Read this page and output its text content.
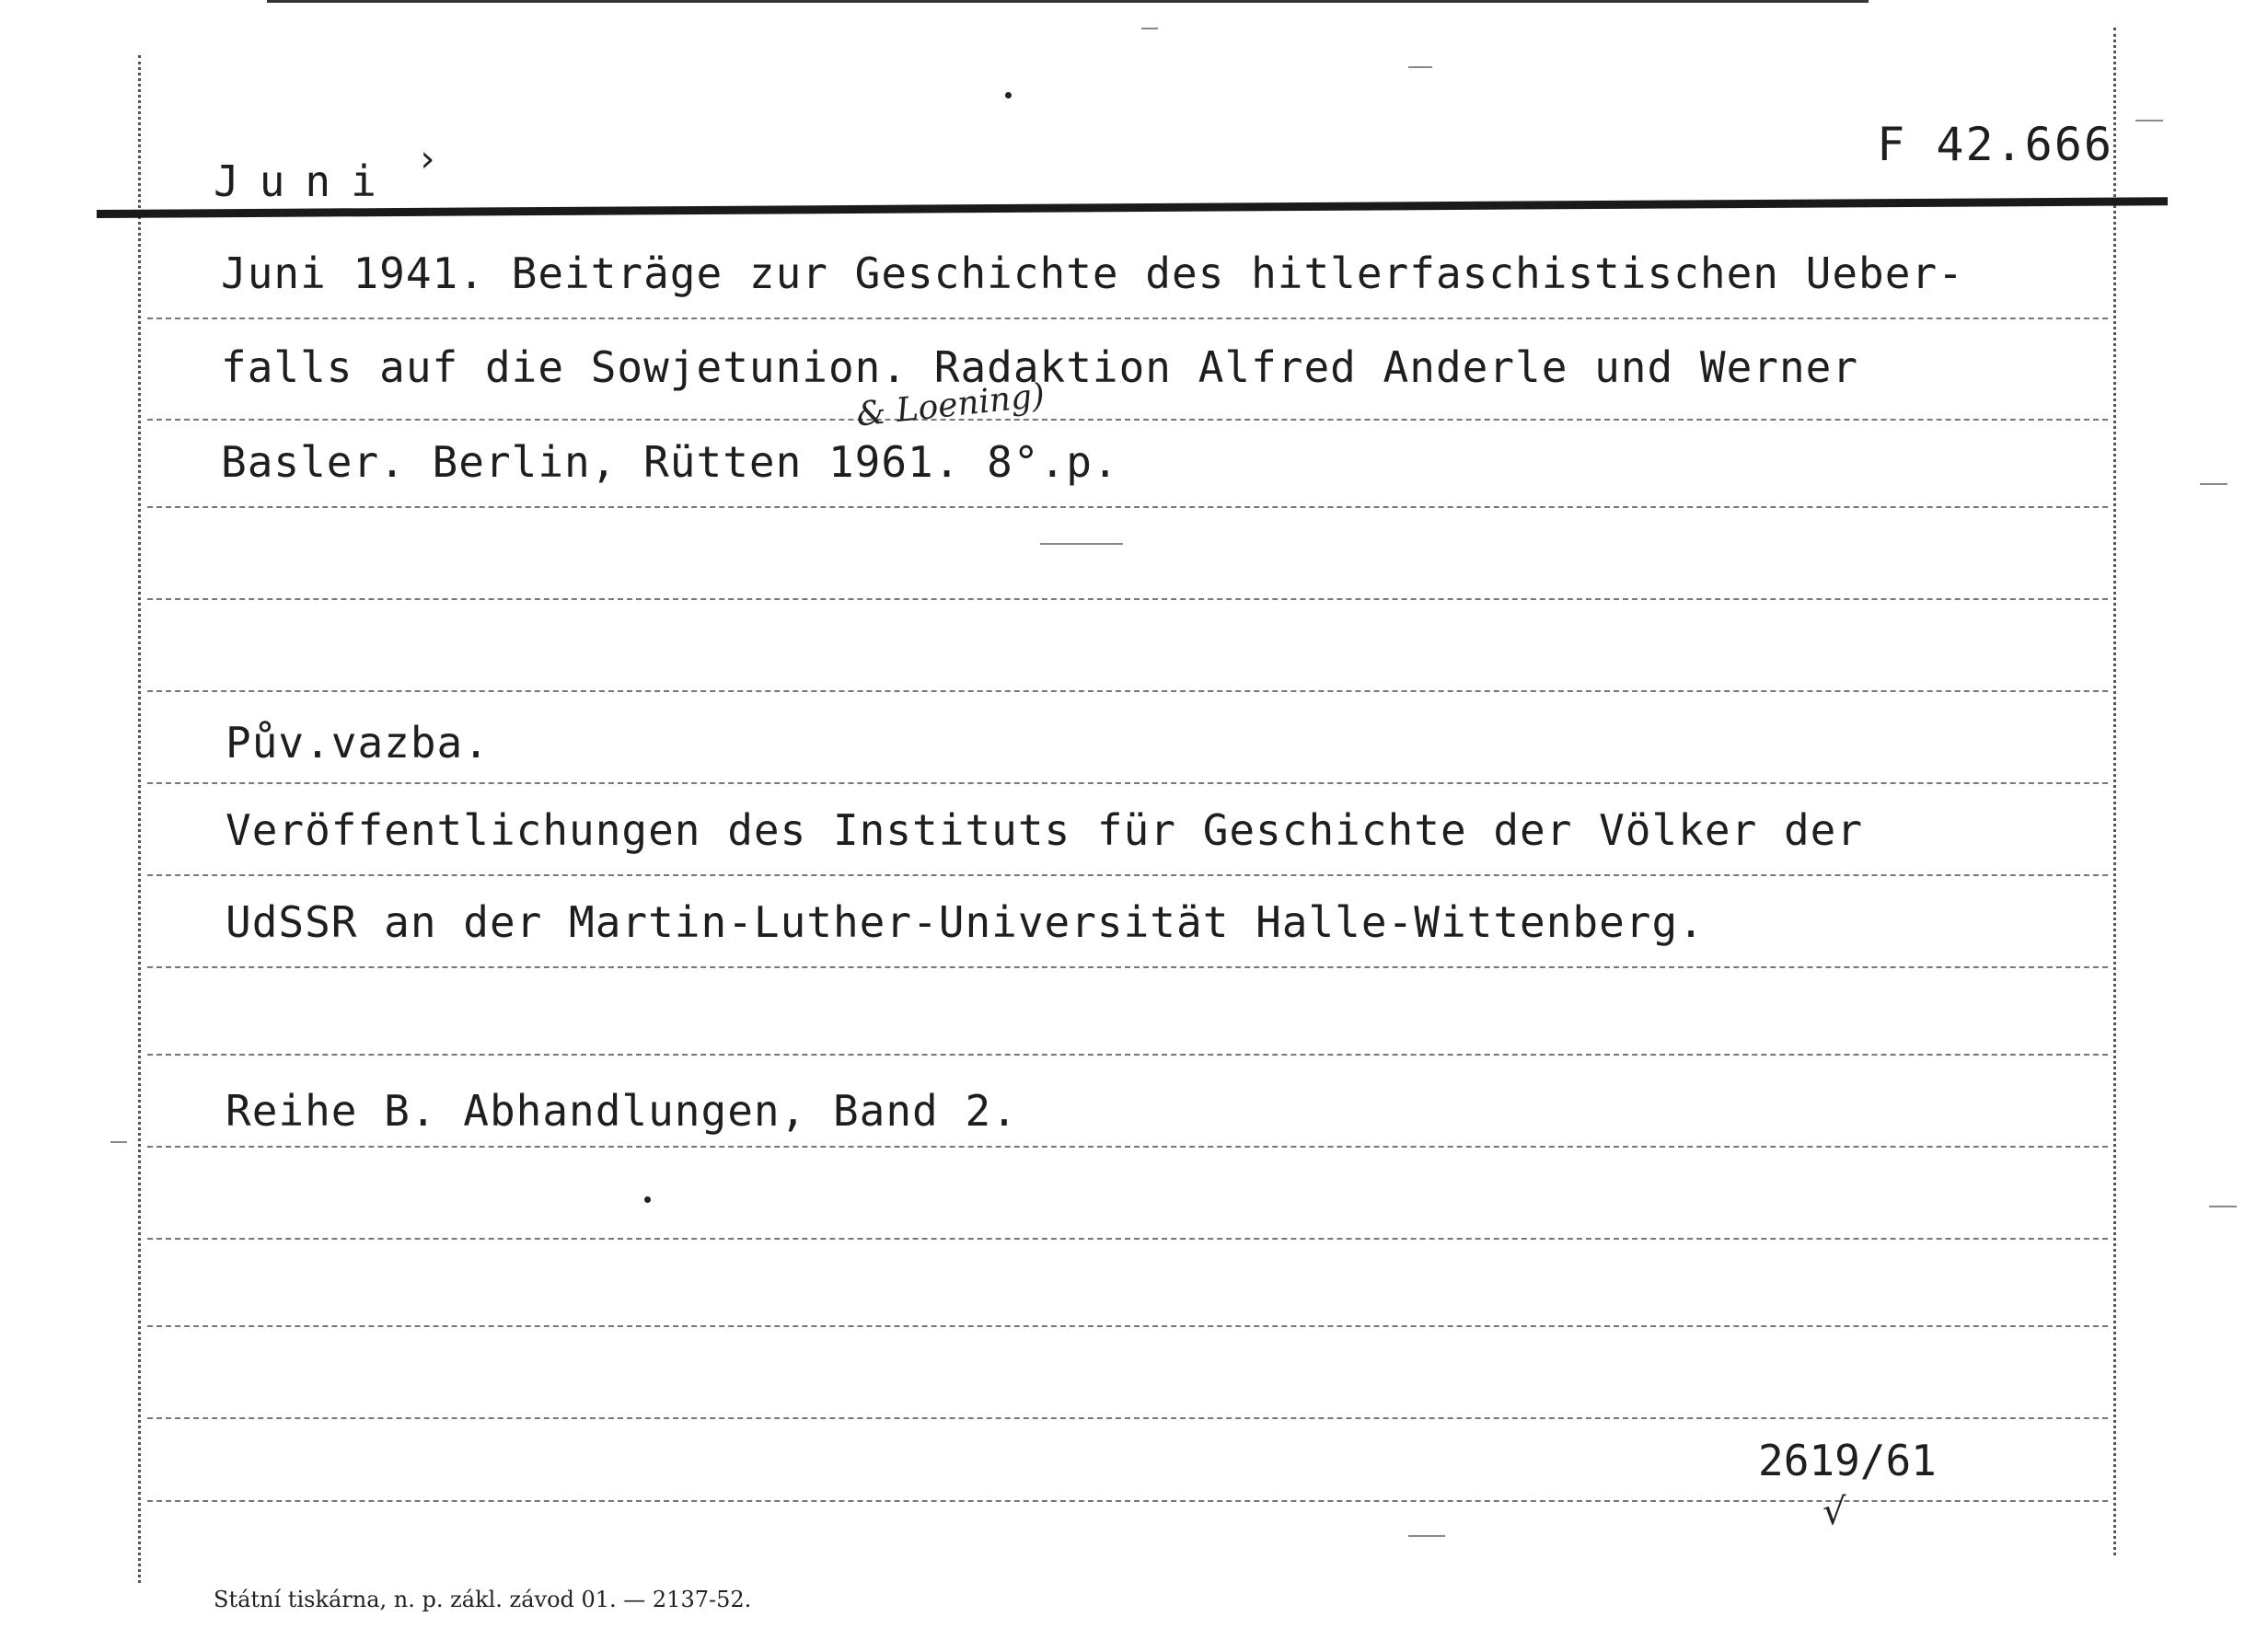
Juni ›	F 42.666
Juni 1941. Beiträge zur Geschichte des hitlerfaschistischen Ueber-
falls auf die Sowjetunion. Radaktion Alfred Anderle und Werner
Basler. Berlin, Rütten 1961. 8°.p.
& Loening)
Pův.vazba.
Veröffentlichungen des Instituts für Geschichte der Völker der
UdSSR an der Martin-Luther-Universität Halle-Wittenberg.
Reihe B. Abhandlungen, Band 2.
2619/61
√
Státní tiskárna, n. p. zákl. závod 01. — 2137-52.
